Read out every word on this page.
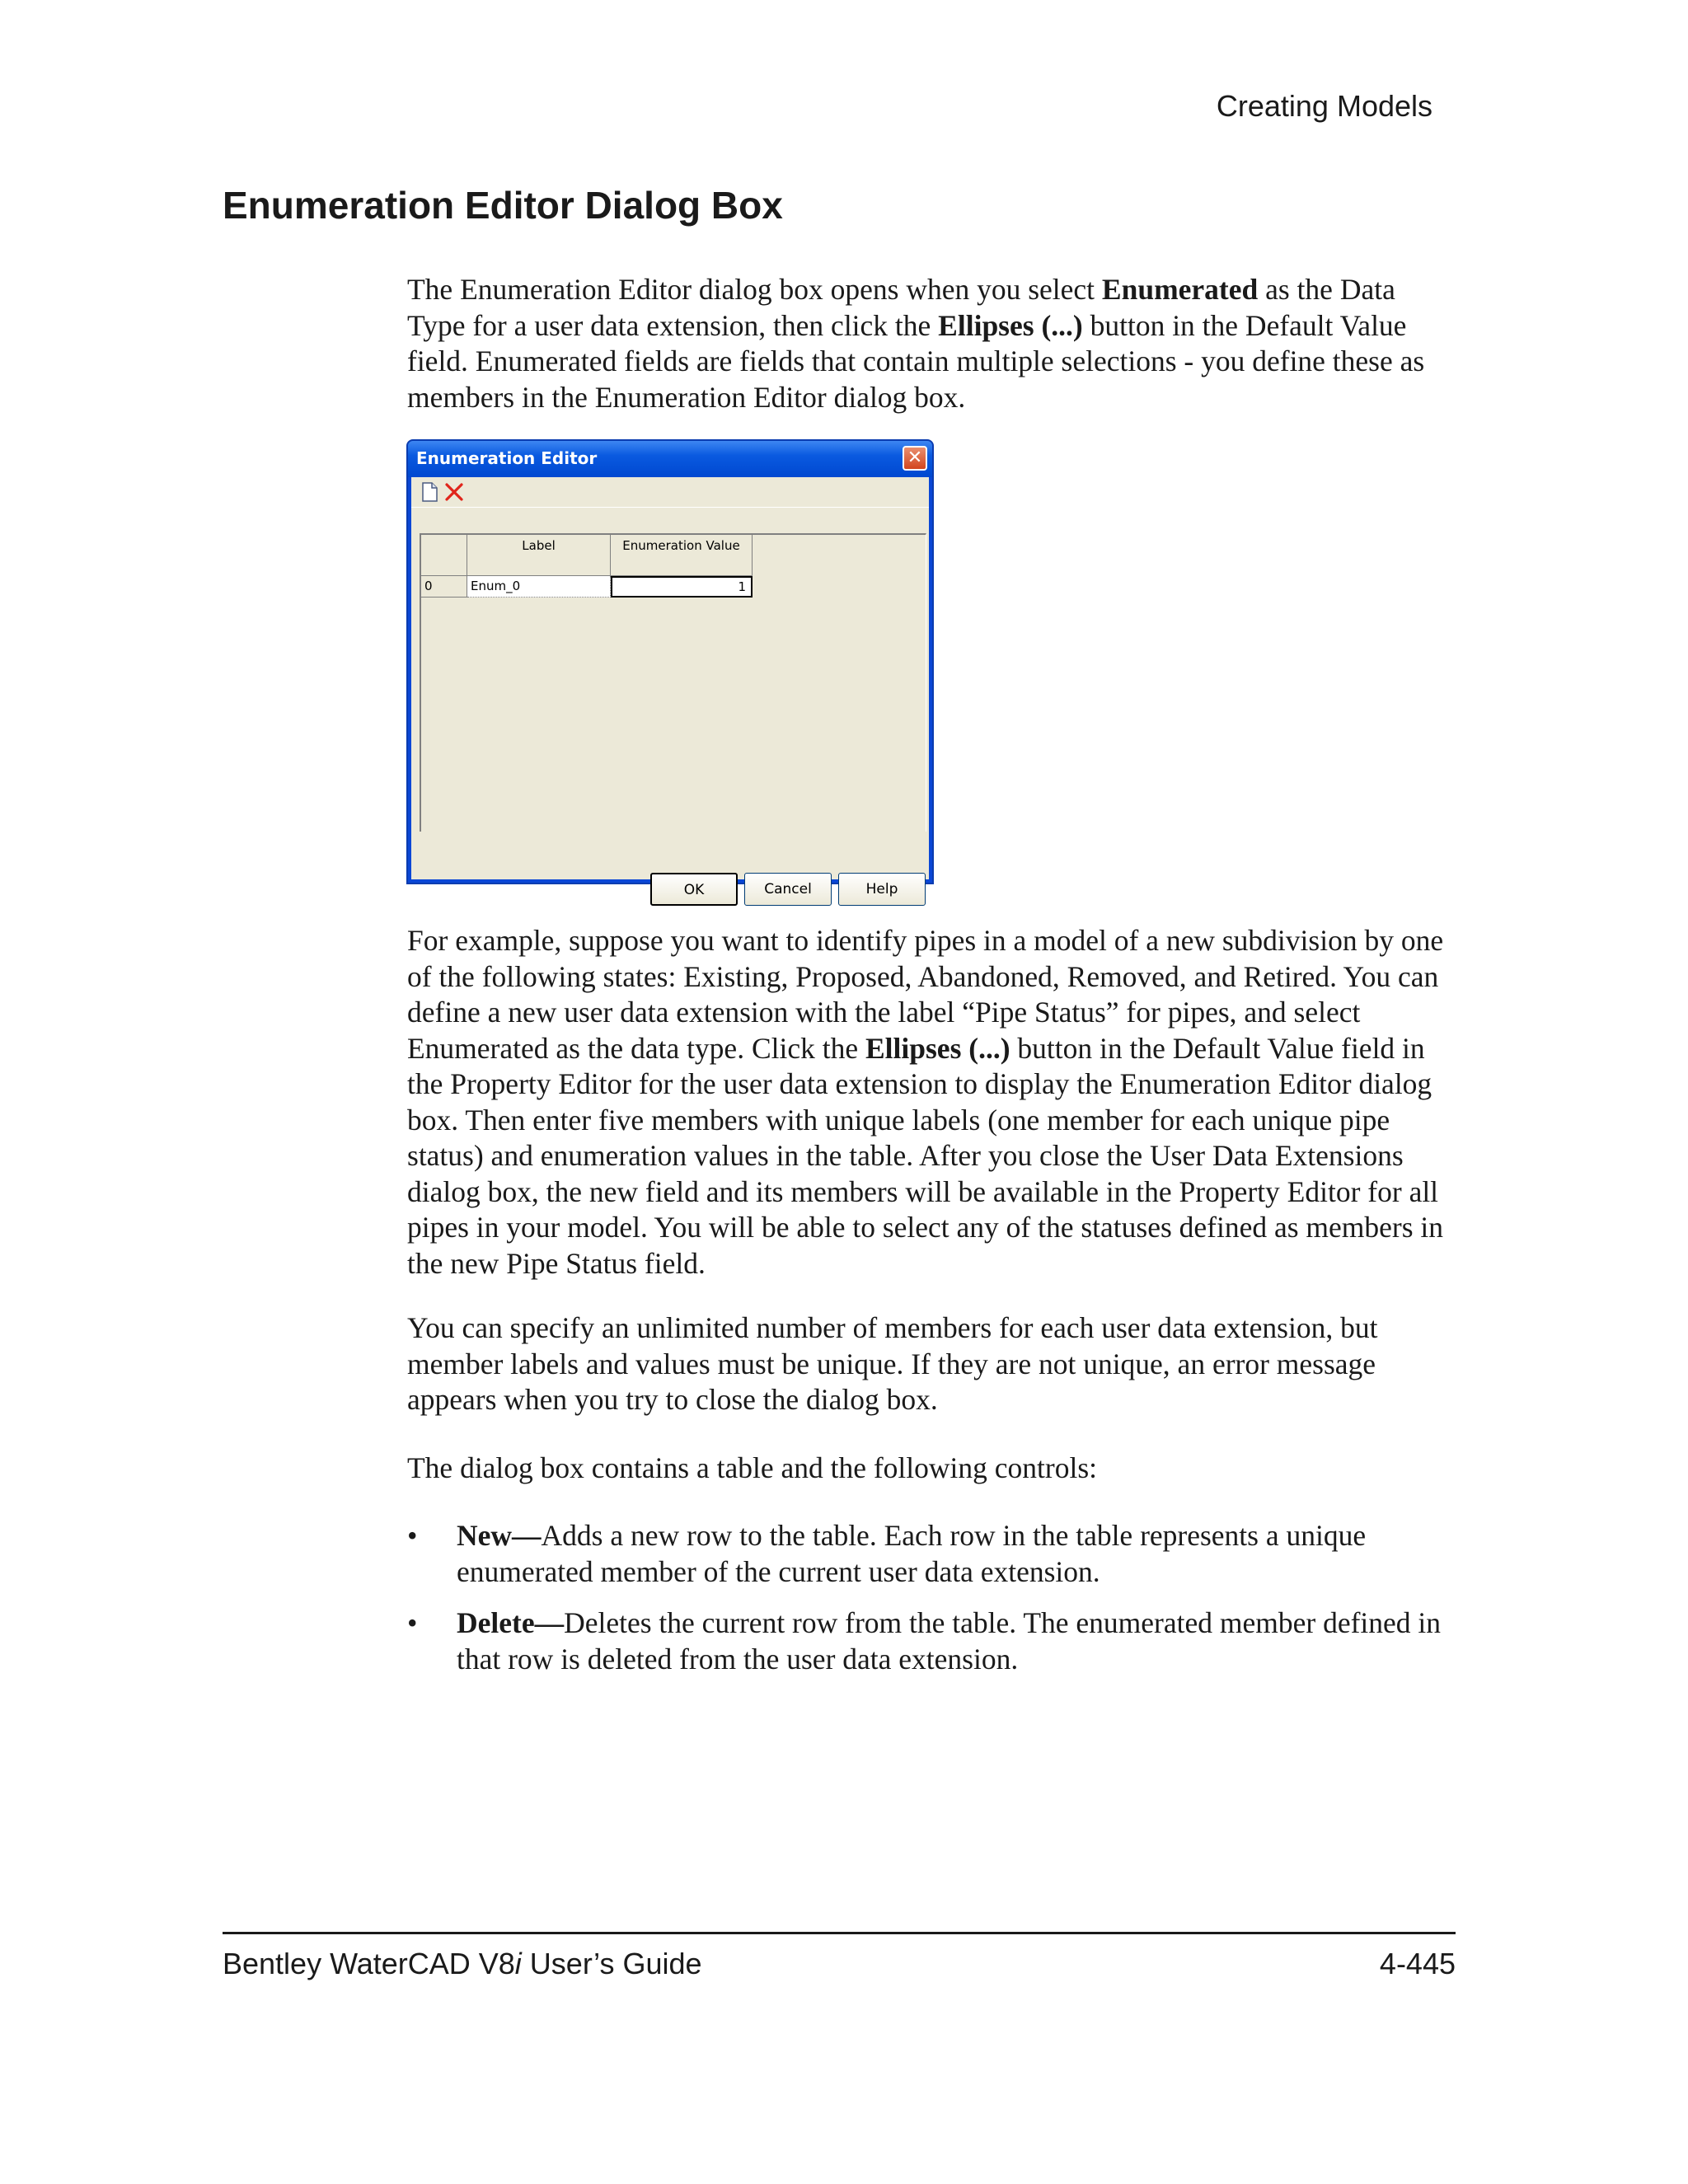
Creating Models
Enumeration Editor Dialog Box

The Enumeration Editor dialog box opens when you select Enumerated as the Data Type for a user data extension, then click the Ellipses (...) button in the Default Value field. Enumerated fields are fields that contain multiple selections - you define these as members in the Enumeration Editor dialog box.

Enumeration Editor	✕
Label	Enumeration Value
0	Enum_0	1
OK	Cancel	Help

For example, suppose you want to identify pipes in a model of a new subdivision by one of the following states: Existing, Proposed, Abandoned, Removed, and Retired. You can define a new user data extension with the label “Pipe Status” for pipes, and select Enumerated as the data type. Click the Ellipses (...) button in the Default Value field in the Property Editor for the user data extension to display the Enumeration Editor dialog box. Then enter five members with unique labels (one member for each unique pipe status) and enumeration values in the table. After you close the User Data Extensions dialog box, the new field and its members will be available in the Property Editor for all pipes in your model. You will be able to select any of the statuses defined as members in the new Pipe Status field.

You can specify an unlimited number of members for each user data extension, but member labels and values must be unique. If they are not unique, an error message appears when you try to close the dialog box.

The dialog box contains a table and the following controls:

• New—Adds a new row to the table. Each row in the table represents a unique enumerated member of the current user data extension.
• Delete—Deletes the current row from the table. The enumerated member defined in that row is deleted from the user data extension.
Bentley WaterCAD V8i User’s Guide	4-445
